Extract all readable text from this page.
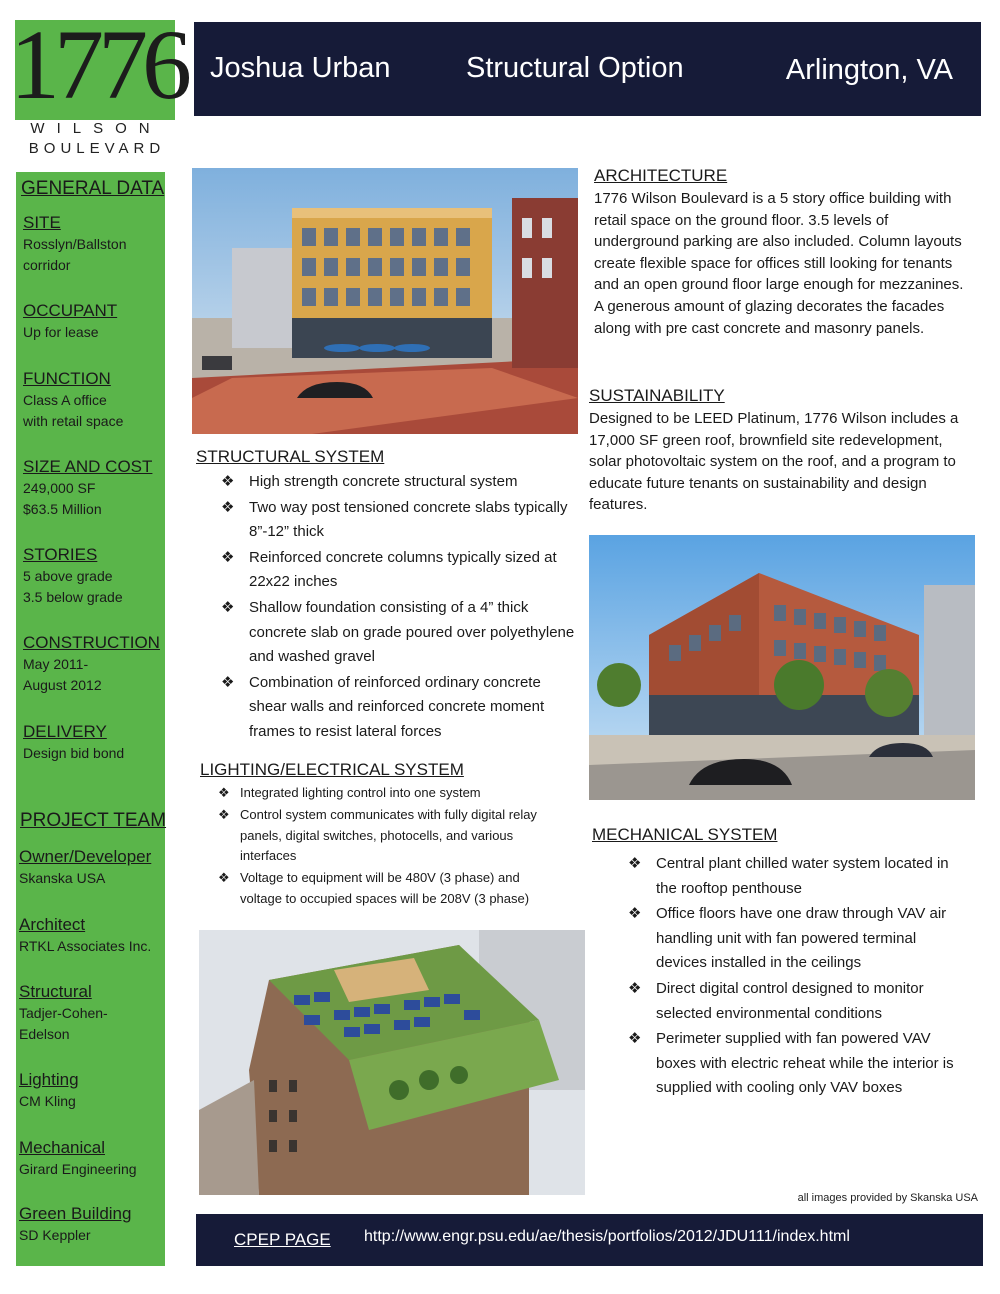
1776
WILSON
BOULEVARD
Joshua Urban	Structural Option	Arlington, VA
GENERAL DATA
SITE
Rosslyn/Ballston
corridor
OCCUPANT
Up for lease
FUNCTION
Class A office
with retail space
SIZE AND COST
249,000 SF
$63.5 Million
STORIES
5 above grade
3.5 below grade
CONSTRUCTION
May 2011-
August 2012
DELIVERY
Design bid bond
PROJECT TEAM
Owner/Developer
Skanska USA
Architect
RTKL Associates Inc.
Structural
Tadjer-Cohen-
Edelson
Lighting
CM Kling
Mechanical
Girard Engineering
Green Building
SD Keppler
ARCHITECTURE
1776 Wilson Boulevard is a 5 story office building with retail space on the ground floor. 3.5 levels of underground parking are also included. Column layouts create flexible space for offices still looking for tenants and an open ground floor large enough for mezzanines. A generous amount of glazing decorates the facades along with pre cast concrete and masonry panels.
SUSTAINABILITY
Designed to be LEED Platinum, 1776 Wilson includes a 17,000 SF green roof, brownfield site redevelopment, solar photovoltaic system on the roof, and a program to educate future tenants on sustainability and design features.
STRUCTURAL SYSTEM
❖ High strength concrete structural system
❖ Two way post tensioned concrete slabs typically 8”-12” thick
❖ Reinforced concrete columns typically sized at 22x22 inches
❖ Shallow foundation consisting of a 4” thick concrete slab on grade poured over polyethylene and washed gravel
❖ Combination of reinforced ordinary concrete shear walls and reinforced concrete moment frames to resist lateral forces
LIGHTING/ELECTRICAL SYSTEM
❖ Integrated lighting control into one system
❖ Control system communicates with fully digital relay panels, digital switches, photocells, and various interfaces
❖ Voltage to equipment will be 480V (3 phase) and voltage to occupied spaces will be 208V (3 phase)
MECHANICAL SYSTEM
❖ Central plant chilled water system located in the rooftop penthouse
❖ Office floors have one draw through VAV air handling unit with fan powered terminal devices installed in the ceilings
❖ Direct digital control designed to monitor selected environmental conditions
❖ Perimeter supplied with fan powered VAV boxes with electric reheat while the interior is supplied with cooling only VAV boxes
all images provided by Skanska USA
CPEP PAGE http://www.engr.psu.edu/ae/thesis/portfolios/2012/JDU111/index.html
